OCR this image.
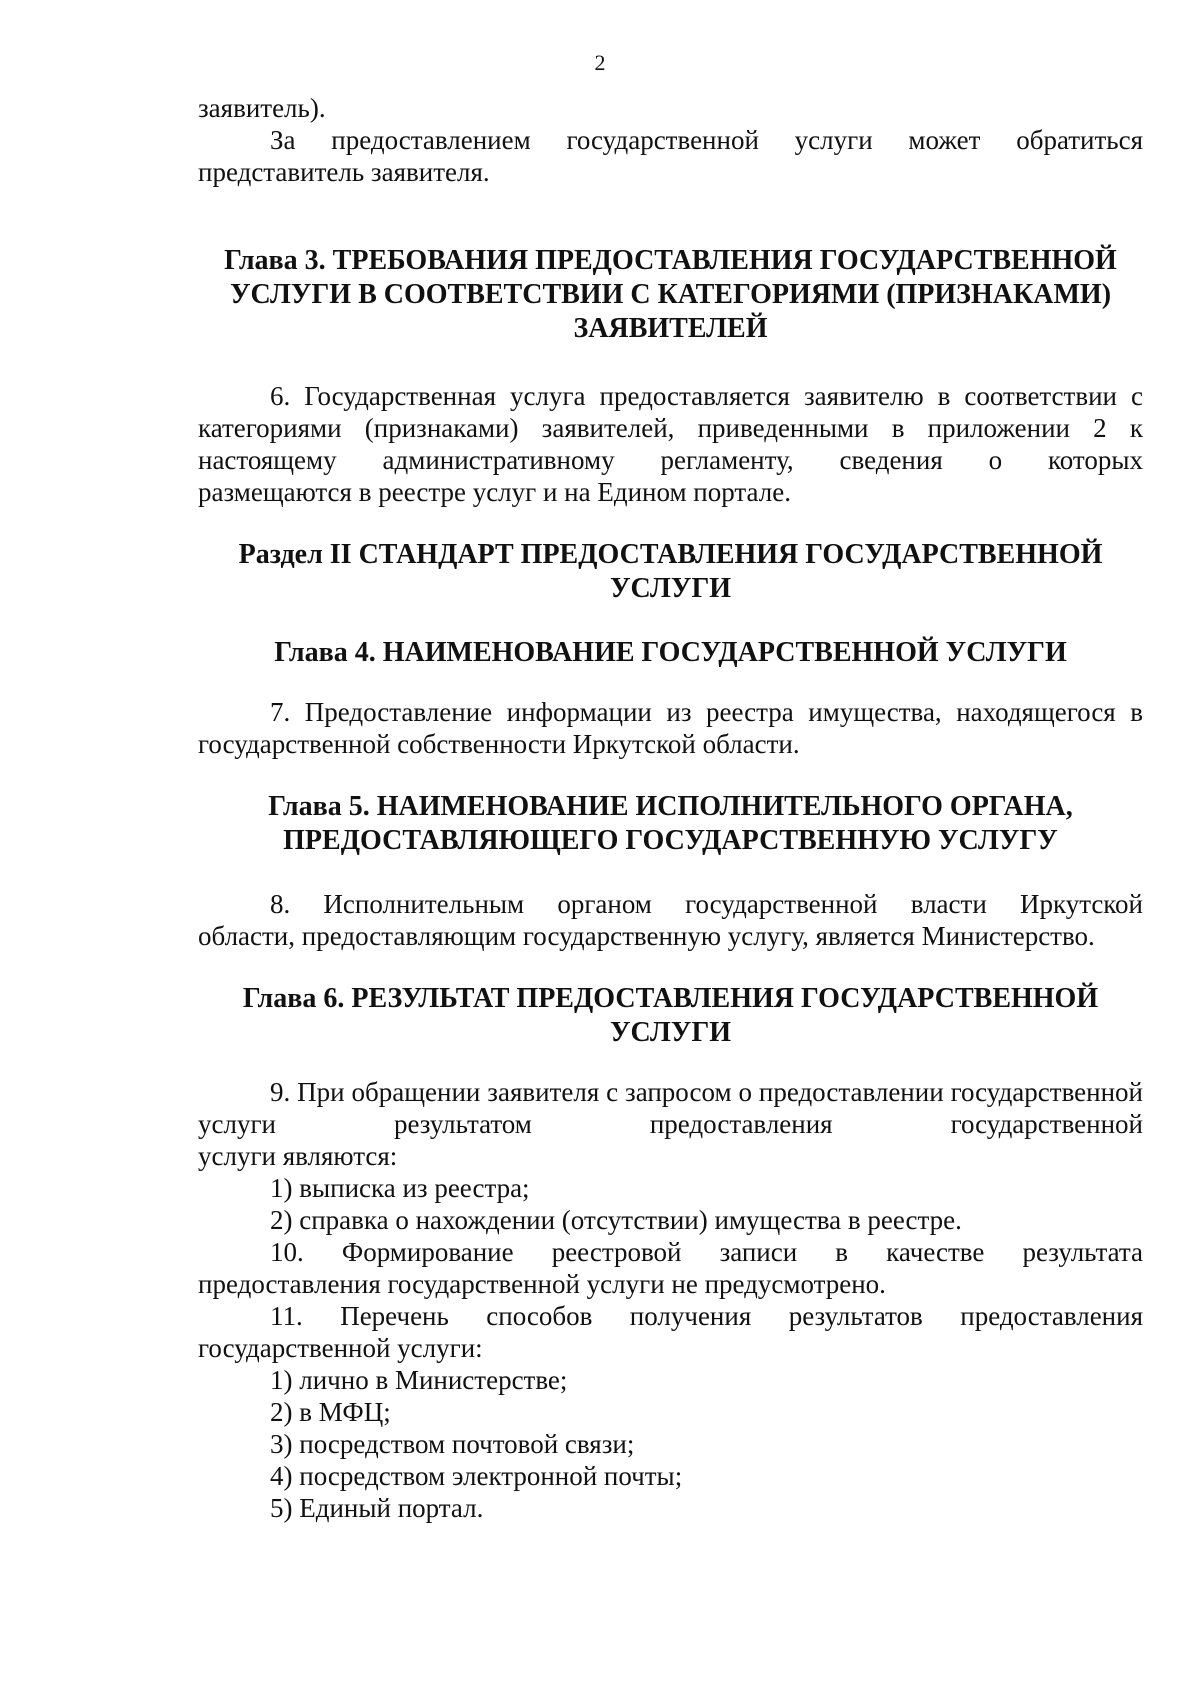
2

заявитель).

За предоставлением государственной услуги может обратиться

представитель заявителя.

Глава 3. ТРЕБОВАНИЯ ПРЕДОСТАВЛЕНИЯ ГОСУДАРСТВЕННОЙ УСЛУГИ В СООТВЕТСТВИИ С КАТЕГОРИЯМИ (ПРИЗНАКАМИ) ЗАЯВИТЕЛЕЙ

6. Государственная услуга предоставляется заявителю в соответствии с категориями (признаками) заявителей, приведенными в приложении 2 к настоящему административному регламенту, сведения о которых

размещаются в реестре услуг и на Едином портале.

Раздел II СТАНДАРТ ПРЕДОСТАВЛЕНИЯ ГОСУДАРСТВЕННОЙ УСЛУГИ
Глава 4. НАИМЕНОВАНИЕ ГОСУДАРСТВЕННОЙ УСЛУГИ

7. Предоставление информации из реестра имущества, находящегося в

государственной собственности Иркутской области.

Глава 5. НАИМЕНОВАНИЕ ИСПОЛНИТЕЛЬНОГО ОРГАНА, ПРЕДОСТАВЛЯЮЩЕГО ГОСУДАРСТВЕННУЮ УСЛУГУ

8. Исполнительным органом государственной власти Иркутской

области, предоставляющим государственную услугу, является Министерство.

Глава 6. РЕЗУЛЬТАТ ПРЕДОСТАВЛЕНИЯ ГОСУДАРСТВЕННОЙ УСЛУГИ

9. При обращении заявителя с запросом о предоставлении государственной услуги результатом предоставления государственной

услуги являются:

1) выписка из реестра;

2) справка о нахождении (отсутствии) имущества в реестре.

10. Формирование реестровой записи в качестве результата

предоставления государственной услуги не предусмотрено.

11. Перечень способов получения результатов предоставления

государственной услуги:

1) лично в Министерстве;

2) в МФЦ;

3) посредством почтовой связи;

4) посредством электронной почты;

5) Единый портал.
